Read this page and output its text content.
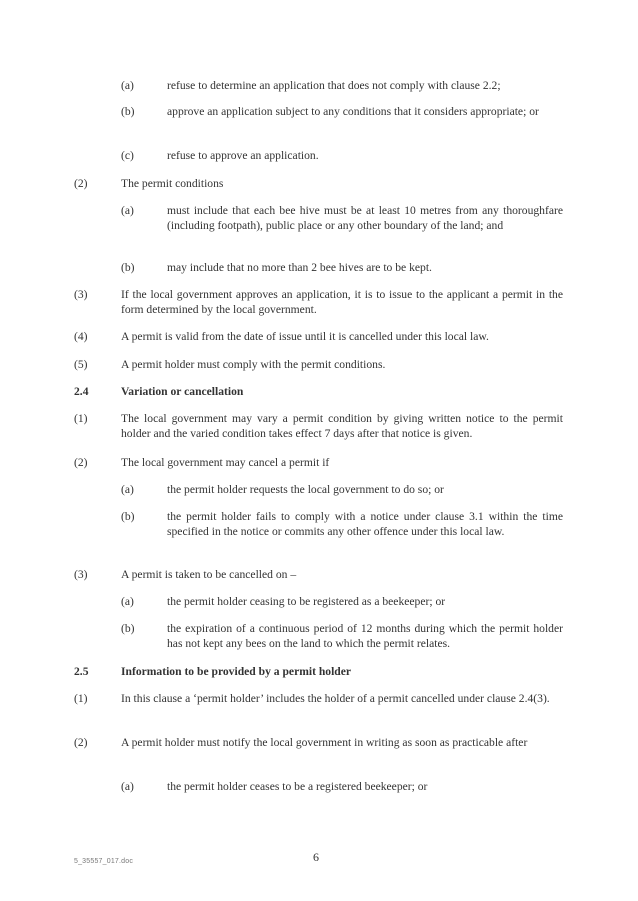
(a)	refuse to determine an application that does not comply with clause 2.2;
(b)	approve an application subject to any conditions that it considers appropriate; or
(c)	refuse to approve an application.
(2)	The permit conditions
(a)	must include that each bee hive must be at least 10 metres from any thoroughfare (including footpath), public place or any other boundary of the land; and
(b)	may include that no more than 2 bee hives are to be kept.
(3)	If the local government approves an application, it is to issue to the applicant a permit in the form determined by the local government.
(4)	A permit is valid from the date of issue until it is cancelled under this local law.
(5)	A permit holder must comply with the permit conditions.
2.4	Variation or cancellation
(1)	The local government may vary a permit condition by giving written notice to the permit holder and the varied condition takes effect 7 days after that notice is given.
(2)	The local government may cancel a permit if
(a)	the permit holder requests the local government to do so; or
(b)	the permit holder fails to comply with a notice under clause 3.1 within the time specified in the notice or commits any other offence under this local law.
(3)	A permit is taken to be cancelled on –
(a)	the permit holder ceasing to be registered as a beekeeper; or
(b)	the expiration of a continuous period of 12 months during which the permit holder has not kept any bees on the land to which the permit relates.
2.5	Information to be provided by a permit holder
(1)	In this clause a ‘permit holder’ includes the holder of a permit cancelled under clause 2.4(3).
(2)	A permit holder must notify the local government in writing as soon as practicable after
(a)	the permit holder ceases to be a registered beekeeper; or
5_35557_017.doc	6
